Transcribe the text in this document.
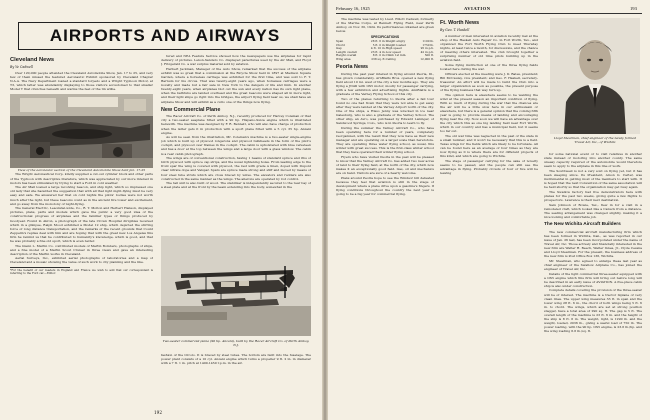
AIRPORTS AND AIRWAYS
Cleveland News
By Ye Cadwell

Over 120,000 people attended the Cleveland Automobile Show, Jan. 17 to 25, and very few of them missed the featured Aeronautic Exhibit sponsored by Cleveland Chapter N.A.A. The Navy Department loaned a standard torpedo and a Wright Typhoon Motor, at T3, which latter was abundantly displaying to those visitors accustomed to that smaller Model T that crunches beneath and warms the feet of the tin willie.

View of the aeronautic section of the Cleveland Automobile Show held Jan. 17-25

The Wright Aeronautical Corp. kindly supplied a cut-out cylinder block and other parts of the Typhoon with descriptive literature, which was appreciated by our more interest in motors has been stimulated by trying to start a Ford in cold weather.

The Air Mail loaned a large revolving beacon, and ship light, which so impressed one old lady that she hazarded the suggestion that with all that light night-flying must be very easy and safe. We answered her that on cold nights the pilots' bodies were not worth much after the light, but these beacons could as in the ancient fire tower and excitement, and go away from the monotony of night-flying.

The General Electric, Leaonidel-wide, Co., R. T. Molton and Herbert Hanson, displayed pictures, plans, parts and models which gave the public a very good idea of the constructional progress of airplanes and the familiar types of things produced by Goodyear. Found in Akron, a photograph of the late Crown Hospital dirigibles received which in a glimpse, Ralph Mood exhibited a Model 12 ship, which depicted the stirring force of long distance transportation, and the remarks of the recent grounds that Count Zeppelin's replies deal with him and are hoping that with the great new Los Angeles this firm he remind us that he contributed to humanity's knowledge, which is good, and that he was probably a fine old sport, which is even better.

The Glenn L. Martin Co. contributed models of Martin Bombers, photographs of ships, and a fine model of a Martin Scout Cruiser in three views and gave an interesting description of the Martin works in Cleveland.

Aerial Surveys, Inc., exhibited aerial photographs of laboratories and a map of Cleveland and a mosaic showing the value of such work to city planning and the like.

*For the benefit of our readers in England and France we wish to add that our correspondent is referring to the Ford car.—Editor.

tured and NEA Feature Service showed how the newspapers use the airplanes for rapid delivery of pictures. Lenon-Sandero Co. displayed parachutes used by the Air Mail, and Floyd J. Fitzgerald Co. a war surplus material sold by aviation.

Herbert Jackman, Manager of the Auto Show, remarked that the success of the airplane exhibit was so great that a commission at the Bicycle Show held in 1897 at Madison Square Garden, where a horseless carriage was exhibited for the first time, and was sold to F. T. Barnum for his circus. That was twenty-eight years ago, when horseless carriages were a novelty and made but a fair sale in New York to the dangers of life and limb. In another twenty-eight years, when airplanes blot out the sun and every nation has its own light plane, when the bathtubs are landed overhead and the great beacons were shaped all in more light, and their light ships go right into the bridges, the airport flying field near us, we shall have an airplane Show and will exhibit as a curio one of the things now flying.

New Commercial Plane

The Racer Aircraft Co. of Perth Amboy, N.J., recently produced for Harvey Coleman of that city a two-seater seaplane fitted with a 90 hp. Hispano-Suiza engine which is illustrated herewith. The machine was designed by F. R. Bennett, who will also have charge of production when the latter gets it in production with a sport plane fitted with a 5 cyl. 35 hp. Anzani engine.

As will be seen from the illustration, Mr. Coleman's machine is a two-seater single-engine job which is built up of plywood longerons and plywood bulkheads in the form of the pilot's cockpit, and plywood over frames in the cockpit. The cabin is upholstered with blue velveteen and has a door at the top between the wings and a large door with a glass window. The cabin is a rear cabin photograph.

The wings are of conventional construction, having 1 beams of standard spruce and ribs of birch plywood with spruce cap strips, and the usual lightening holes. From leading edge to the front spar the wing is covered with plywood, the rest with grade A linen, doped with Dupont clear nitrate dope and Valspar. Spars are spruce made strong and stiff and moved by means of four steel tube struts which are cross braced by wires. The elevators and rudders are also constructed in the same manner as the wings. The ailerons are operated by rod control.

The tail unit is also built of wood. The stabilizer is independently secured to the rear bay of a steel plate and at the front by the beam extending into the body, somewhat in the

Two-seater commercial plane (90 hp. Anzani), built by the Racer Aircraft Co. of Perth Amboy, N.J.

fashion of the Orcolo. It is braced by steel tubes. The bottom are built into the fuselage. The power plant consists of a 10 cyl. Anzani engine which turns a propeller 9 ft. 2 in. in diameter with a 7 ft. 1 in. pitch at 1400-1450 r.p.m. in the air.

192
February 16, 1925	AVIATION	193

The machine was tested by Lieut. Elliott Cadwell, formerly of the Marine Corps, at Bennett Flying Field, near Perth Amboy, on Nov. 30, 1924. Its performances obtained are given below.

SPECIFICATIONS
Span	28 ft. 6 in.	Weight empty	1100 lb.
Chord	5 ft. 0 in.	Weight loaded	1750 lb.
Gap	4 ft. 10 in.	High speed	95 m.p.h.
Length overall	23 ft. 4 in.	Low speed	42 m.p.h.
Height overall	8 ft. 0 in.	Climb 1st min.	500 ft.
Wing area	238 sq. ft.	Ceiling	12,000 ft.
Peoria News

During the past year interest in flying around Peoria, Ill., has grown considerably. ArnBlatts Bros. opened a new flying field about 10 mi. west of the city a few months ago. They are flying a JN4D with OX5 motor, mostly for passenger carrying, with a few exhibition and advertising flights. AnnBlatts is a graduate of the Varney Flying School of this city.

Two of the planes returning to Peoria after a fall tour found no one had flown that they were not able to get away after they were landed at the Varney Airport north of the city. One of the ships, a Hisso Jenny was wrecked in ice near Galesburg, who is also a graduate of the Varney School. The other ship, an Avro, was purchased by Edward Laninger, of Sandwood Springs, Colo., who is in Peoria to learn to fly.

During the summer the Varney Aircraft Co., who have been operating here for a number of years, completely reorganized, with the result that they now have as their new manager and are operating on a larger scale than heretofore. They are operating three water flying school, as usual, this winter with great success. This is the first-class winter school that they have operated their winter flying school.

Flyers who have visited Peoria in the past will be pleased to know that the Varney Aircraft Co. has added two new acres of land to their flying field, at the north of the city, which now makes it an exceptionally good field. Gas, oil and mechanics are on hand. Visitors are sure of a hearty welcome.

Plans around Peoria hope to see the Windsor bill defeated because they feel that aviation is still in the stage of development where a plane drive upon a gasoline's fingers. If flying conditions throughout the country the next year is going to be a big year for commercial flying.

Ft. Worth News
By Geo. T. Haskell

A number of men interested in aviation recently met at the shop of the Haskell Auto Repair Co. in Fort Worth, Tex., and organized the Fort Worth Flying Club to meet Thursday nights, at least twice a month, for discussions, and the chance of meeting others interested. The club brought together a surprising number of old time pilots building up in the aviation field.

Some flying instruction at one of the three flying fields located here during the war.

Officers elected at the meeting were J. D. Bates, president; Bill McCauley, vice president; and Geo. F. Haskell, secretary-treasurer. An effort will be made to build the Club into a larger organization as soon as possible, the present purpose of the flying business that way turn up.

The opinion here is elsewhere seems to be wanting the wind at the present season an important condition of flying. With so much of flying during the war that the chances are the air will be a little slow here in our enthusiasm or elsewhere, but there is a general opinion that the coming fifth year is going to provide means of landing and encouraging flying near the city. Now soon we will have an advantage over the city which this as one big landing field near Fort Worth, which in our country and has a municipal field, but it seems too far out.

The old war time was neglected in the past of the state in a small number, and it won't be necessary that this is a field. Texas wings for the fields which are likely to be fortunate. All can be found here as an average of four times as they are now flying as it is where there are for different projects of this kind, and which are going to Wichita.

The stage of passenger carrying for the sake of novelty seems to be passed, and the people can still see the advantage in flying. Probably crowds of four or five will be leaving

Lloyd Stearman, chief engineer of the newly formed Travel Air, Inc., of Wichita

for some national event or to visit relatives in another state instead of motoring into another county. The same uneasy capacity required of the automobile would therefore seem to apply to the airplane in this line of work.

The Southwest is not a very sold on flying yet, but it has been sleeping since. Its President, Amon G. Carter, was instrumental in getting most of the members to start with. It is hoped that the next Convention of the same association will be held shortly so that the organization may get busy again.

The Swallow factory had five demonstrators here with planes for the past two weeks, giving quite a few flights to prospectors. Lawrence is their next destination.

Sam Johnson of Bowie, Tex., flew in for a visit in a remodeled craft, which looked like a Canuck from a distance. The seating arrangement was changed slightly, making it a nice looking and comfortable job.

The New Wichita Aircraft Builders

The new commercial aircraft manufacturing firm which has been formed in Wichita, Kan., as was reported in our issue of Jan. 26 last, has been incorporated under the name of Travel Air, Inc. Those actively and financially interested in the new firm are Walter H. Beech, Walter Innes, Jr., Clyde Cessna and Lloyd Stearman. For the present, the business address of the new firm is Post Office Box 136, Wichita.

Mr. Stearman, who agreed to enlarge these last year as chief engineer of the Swallow Airplane Co., has joined the engineer of Travel Air, Inc.

Details of the light commercial three-seater equipped with a OX5 engine which this firm will bring out before long will be described in an early issue of AVIATION. A five-place cabin ship is also under construction.

Complete details covering the provision of the three-seater will be of interest. The machine is a tractor biplane of very clean lines. The upper wing measures 33 ft. in span and the lower wing 28 ft. 6 in., the chord of both wings being 5 ft. 6 in. to chord. The wings, which are set at strong position stagger, have a total area of 290 sq. ft. The gap is 5 ft. The overall length of the machine is 23 ft. 6 in. and the height of the ship is 8 ft. 6 in. The weight, light, is 1290 lb. and the weight, loaded, 2036 lb., giving a useful load of 750 lb. The power loading, with the 90 hp. OX5 engine, is 23.6 lb./hp. and the wing loading 6.6 lb./sq. ft.
